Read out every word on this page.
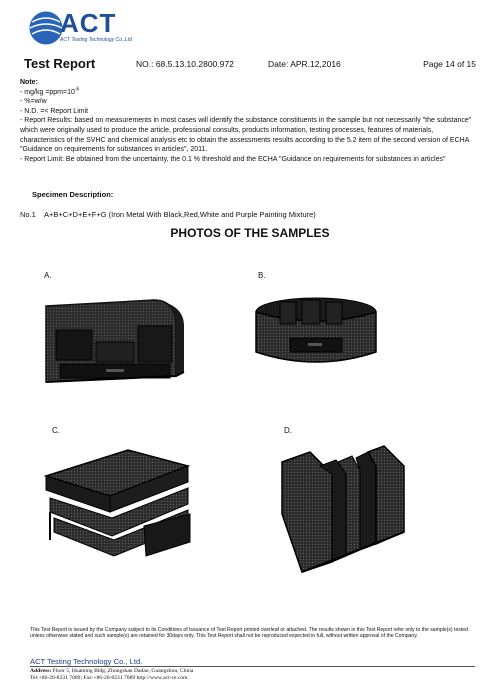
ACT
ACT Testing Technology Co.,Ltd.
Test Report	NO.: 68.5.13.10.2800.972	Date: APR.12,2016	Page 14 of 15

Note:

- $mg/kg =ppm=10^{-6}$

- %=w/w

- N.D. =< Report Limit

- Report Results: based on measurements in most cases will identify the substance constituents in the sample but not necessarily "the substance" which were originally used to produce the article, professional consults, products information, testing processes, features of materials, characteristics of the SVHC and chemical analysis etc to obtain the assessments results according to the 5.2 item of the second version of ECHA "Guidance on requirements for substances in articles", 2011.

- Report Limit: Be obtained from the uncertainty, the 0.1 % threshold and the ECHA "Guidance on requirements for substances in articles"

Specimen Description:
No.1 A+B+C+D+E+F+G (Iron Metal With Black,Red,White and Purple Painting Mixture)
PHOTOS OF THE SAMPLES
A.	B.
C.	D.
This Test Report is issued by the Company subject to its Conditions of Issuance of Test Report printed overleaf or attached. The results shown in this Test Report refer only to the sample(s) tested unless otherwise stated and such sample(s) are retained for 30days only. This Test Report shall not be reproduced expected in full, without written approval of the Company.
ACT Testing Technology Co., Ltd.
Address: Floor 5, Huaming Bldg.,Zhongshan Dadao, Guangzhou, China
Tel:+86-20-8231 7089; Fax:+86-20-8231 7089 http://www.act-ce.com
